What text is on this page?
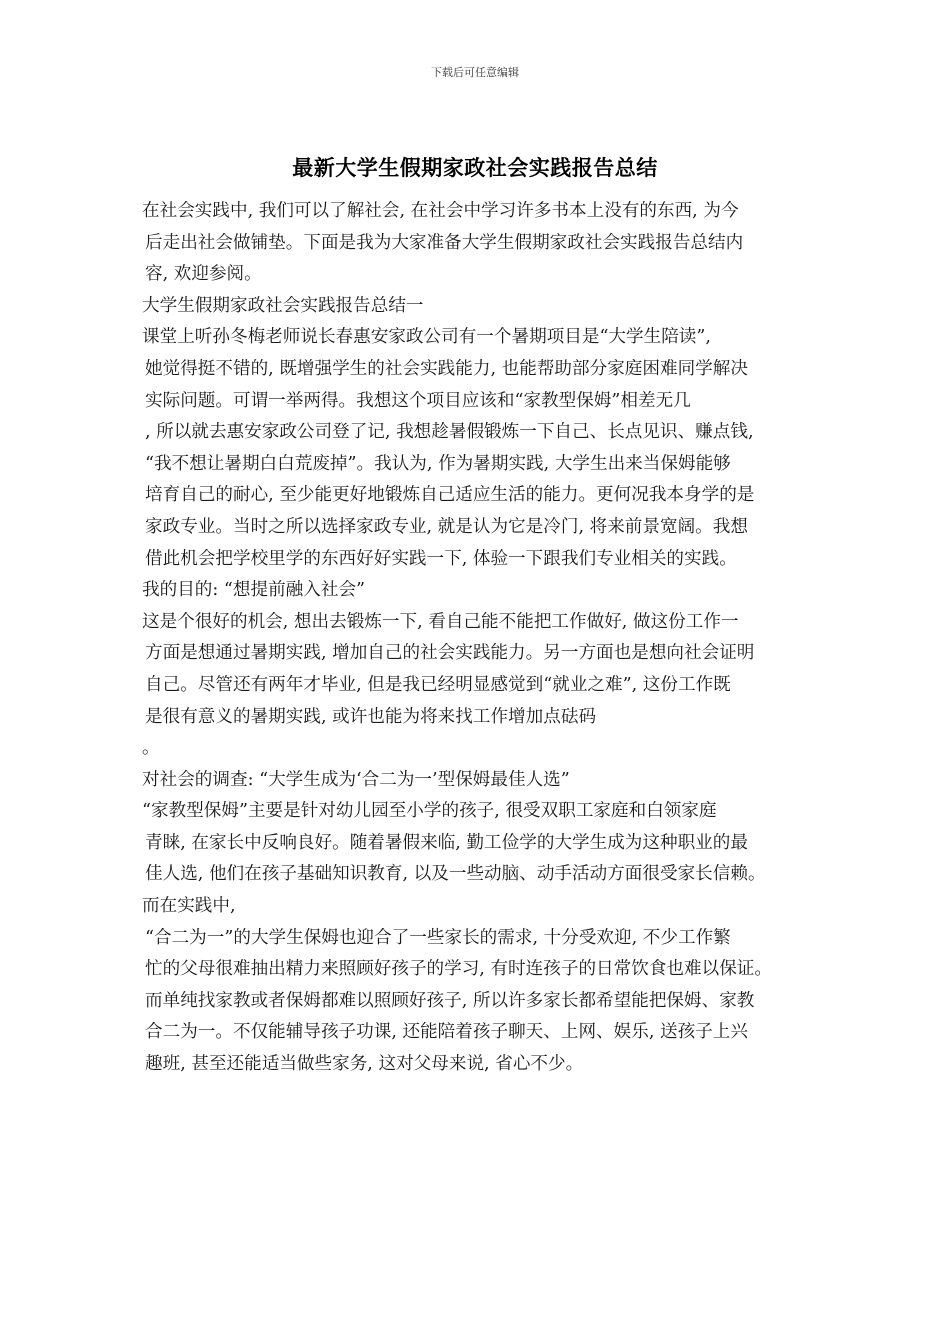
下载后可任意编辑
最新大学生假期家政社会实践报告总结
在社会实践中, 我们可以了解社会, 在社会中学习许多书本上没有的东西, 为今
后走出社会做铺垫。下面是我为大家准备大学生假期家政社会实践报告总结内
容, 欢迎参阅。
大学生假期家政社会实践报告总结一
课堂上听孙冬梅老师说长春惠安家政公司有一个暑期项目是“大学生陪读”,
她觉得挺不错的, 既增强学生的社会实践能力, 也能帮助部分家庭困难同学解决
实际问题。可谓一举两得。我想这个项目应该和“家教型保姆”相差无几
, 所以就去惠安家政公司登了记, 我想趁暑假锻炼一下自己、长点见识、赚点钱,
“我不想让暑期白白荒废掉”。我认为, 作为暑期实践, 大学生出来当保姆能够
培育自己的耐心, 至少能更好地锻炼自己适应生活的能力。更何况我本身学的是
家政专业。当时之所以选择家政专业, 就是认为它是冷门, 将来前景宽阔。我想
借此机会把学校里学的东西好好实践一下, 体验一下跟我们专业相关的实践。
我的目的: “想提前融入社会”
这是个很好的机会, 想出去锻炼一下, 看自己能不能把工作做好, 做这份工作一
方面是想通过暑期实践, 增加自己的社会实践能力。另一方面也是想向社会证明
自己。尽管还有两年才毕业, 但是我已经明显感觉到“就业之难”, 这份工作既
是很有意义的暑期实践, 或许也能为将来找工作增加点砝码
。
对社会的调查: “大学生成为‘合二为一’型保姆最佳人选”
“家教型保姆”主要是针对幼儿园至小学的孩子, 很受双职工家庭和白领家庭
青睐, 在家长中反响良好。随着暑假来临, 勤工俭学的大学生成为这种职业的最
佳人选, 他们在孩子基础知识教育, 以及一些动脑、动手活动方面很受家长信赖。
而在实践中,
“合二为一”的大学生保姆也迎合了一些家长的需求, 十分受欢迎, 不少工作繁
忙的父母很难抽出精力来照顾好孩子的学习, 有时连孩子的日常饮食也难以保证。
而单纯找家教或者保姆都难以照顾好孩子, 所以许多家长都希望能把保姆、家教
合二为一。不仅能辅导孩子功课, 还能陪着孩子聊天、上网、娱乐, 送孩子上兴
趣班, 甚至还能适当做些家务, 这对父母来说, 省心不少。
